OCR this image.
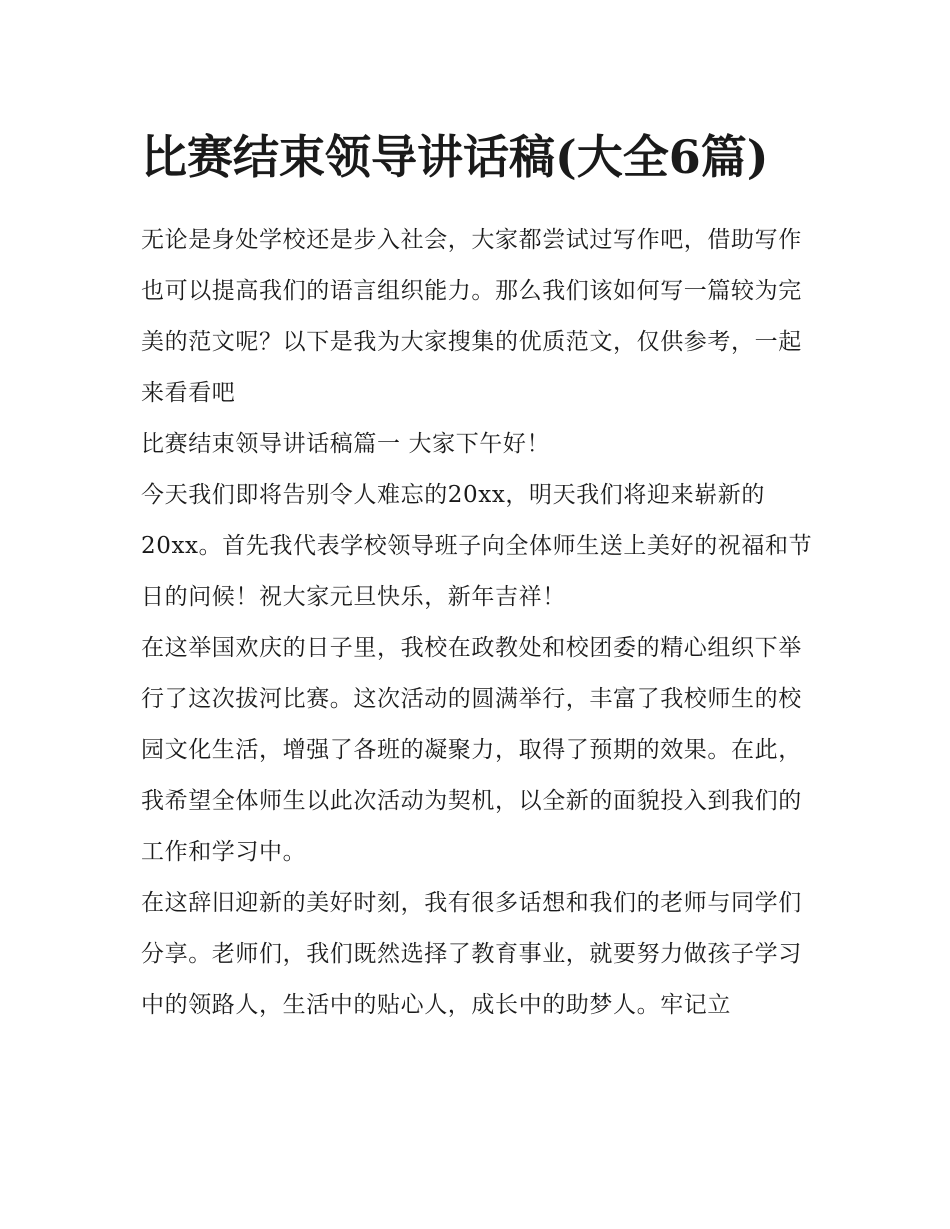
比赛结束领导讲话稿(大全6篇)

无论是身处学校还是步入社会，大家都尝试过写作吧，借助写作也可以提高我们的语言组织能力。那么我们该如何写一篇较为完美的范文呢？以下是我为大家搜集的优质范文，仅供参考，一起来看看吧

比赛结束领导讲话稿篇一 大家下午好！

今天我们即将告别令人难忘的20xx，明天我们将迎来崭新的20xx。首先我代表学校领导班子向全体师生送上美好的祝福和节日的问候！祝大家元旦快乐，新年吉祥！

在这举国欢庆的日子里，我校在政教处和校团委的精心组织下举行了这次拔河比赛。这次活动的圆满举行，丰富了我校师生的校园文化生活，增强了各班的凝聚力，取得了预期的效果。在此，我希望全体师生以此次活动为契机，以全新的面貌投入到我们的工作和学习中。

在这辞旧迎新的美好时刻，我有很多话想和我们的老师与同学们分享。老师们，我们既然选择了教育事业，就要努力做孩子学习中的领路人，生活中的贴心人，成长中的助梦人。牢记立
